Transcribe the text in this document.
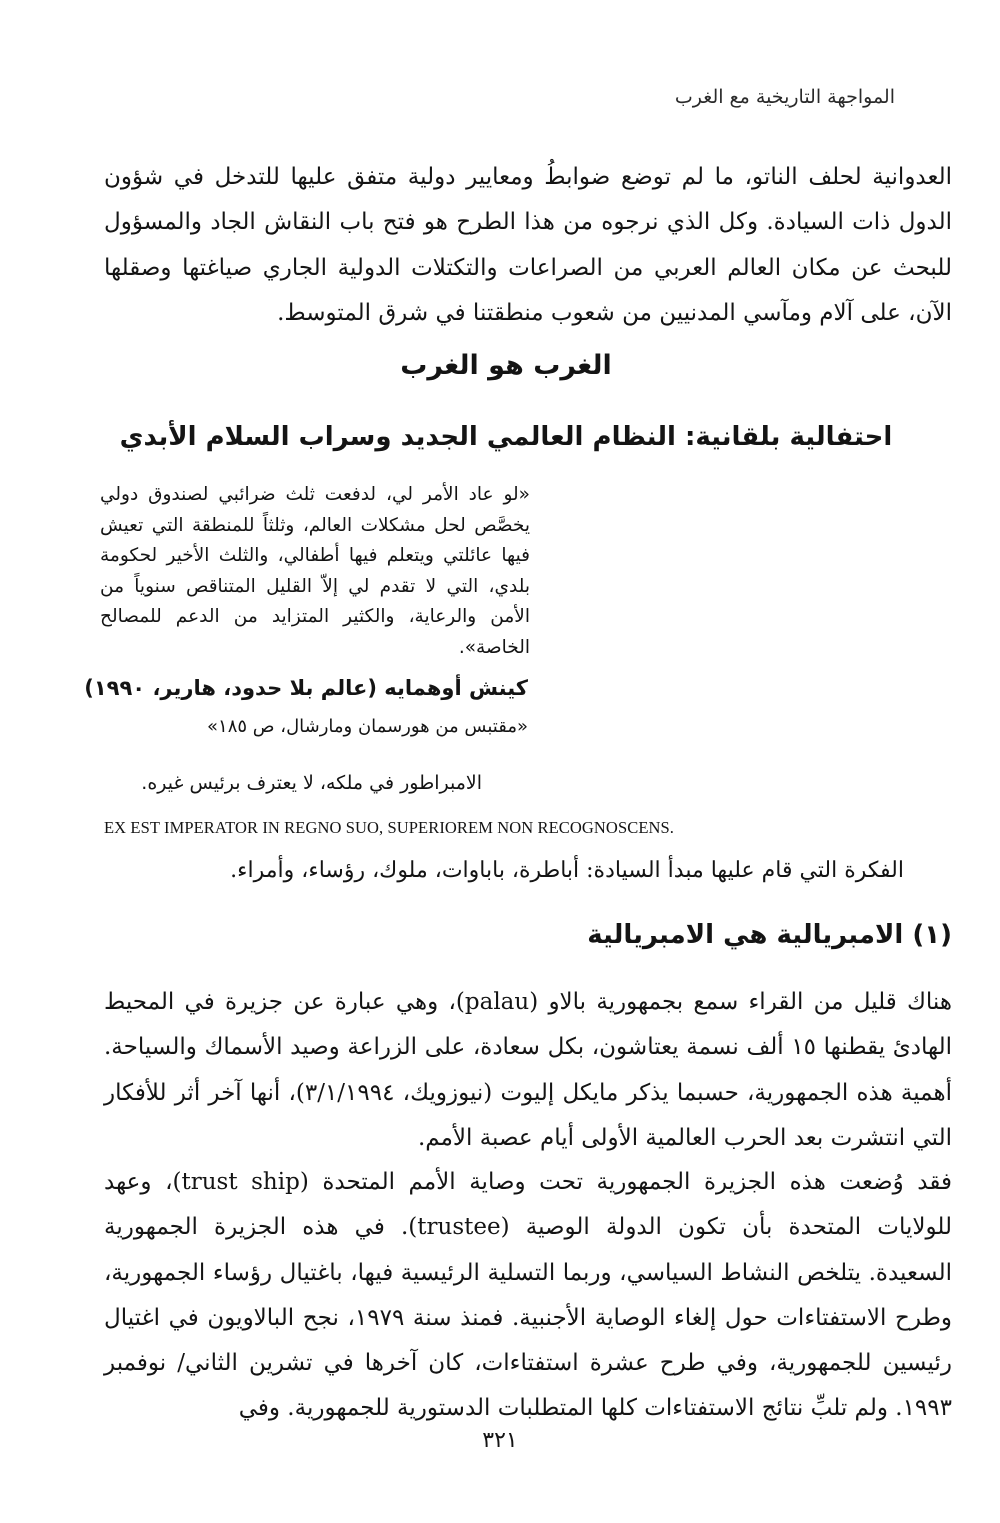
المواجهة التاريخية مع الغرب

العدوانية لحلف الناتو، ما لم توضع ضوابطُ ومعايير دولية متفق عليها للتدخل في شؤون الدول ذات السيادة. وكل الذي نرجوه من هذا الطرح هو فتح باب النقاش الجاد والمسؤول للبحث عن مكان العالم العربي من الصراعات والتكتلات الدولية الجاري صياغتها وصقلها الآن، على آلام ومآسي المدنيين من شعوب منطقتنا في شرق المتوسط.

الغرب هو الغرب
احتفالية بلقانية: النظام العالمي الجديد وسراب السلام الأبدي
«لو عاد الأمر لي، لدفعت ثلث ضرائبي لصندوق دولي يخصَّص لحل مشكلات العالم، وثلثاً للمنطقة التي تعيش فيها عائلتي ويتعلم فيها أطفالي، والثلث الأخير لحكومة بلدي، التي لا تقدم لي إلاّ القليل المتناقص سنوياً من الأمن والرعاية، والكثير المتزايد من الدعم للمصالح الخاصة».
كينش أوهمايه (عالم بلا حدود، هارير، ١٩٩٠)
«مقتبس من هورسمان ومارشال، ص ١٨٥»
الامبراطور في ملكه، لا يعترف برئيس غيره.
EX EST IMPERATOR IN REGNO SUO, SUPERIOREM NON RECOGNOSCENS.
الفكرة التي قام عليها مبدأ السيادة: أباطرة، باباوات، ملوك، رؤساء، وأمراء.
(١) الامبريالية هي الامبريالية

هناك قليل من القراء سمع بجمهورية بالاو (palau)، وهي عبارة عن جزيرة في المحيط الهادئ يقطنها ١٥ ألف نسمة يعتاشون، بكل سعادة، على الزراعة وصيد الأسماك والسياحة. أهمية هذه الجمهورية، حسبما يذكر مايكل إليوت (نيوزويك، ٣/١/١٩٩٤)، أنها آخر أثر للأفكار التي انتشرت بعد الحرب العالمية الأولى أيام عصبة الأمم.

فقد وُضعت هذه الجزيرة الجمهورية تحت وصاية الأمم المتحدة (trust ship)، وعهد للولايات المتحدة بأن تكون الدولة الوصية (trustee). في هذه الجزيرة الجمهورية السعيدة. يتلخص النشاط السياسي، وربما التسلية الرئيسية فيها، باغتيال رؤساء الجمهورية، وطرح الاستفتاءات حول إلغاء الوصاية الأجنبية. فمنذ سنة ١٩٧٩، نجح البالاويون في اغتيال رئيسين للجمهورية، وفي طرح عشرة استفتاءات، كان آخرها في تشرين الثاني/ نوفمبر ١٩٩٣. ولم تلبِّ نتائج الاستفتاءات كلها المتطلبات الدستورية للجمهورية. وفي

٣٢١
